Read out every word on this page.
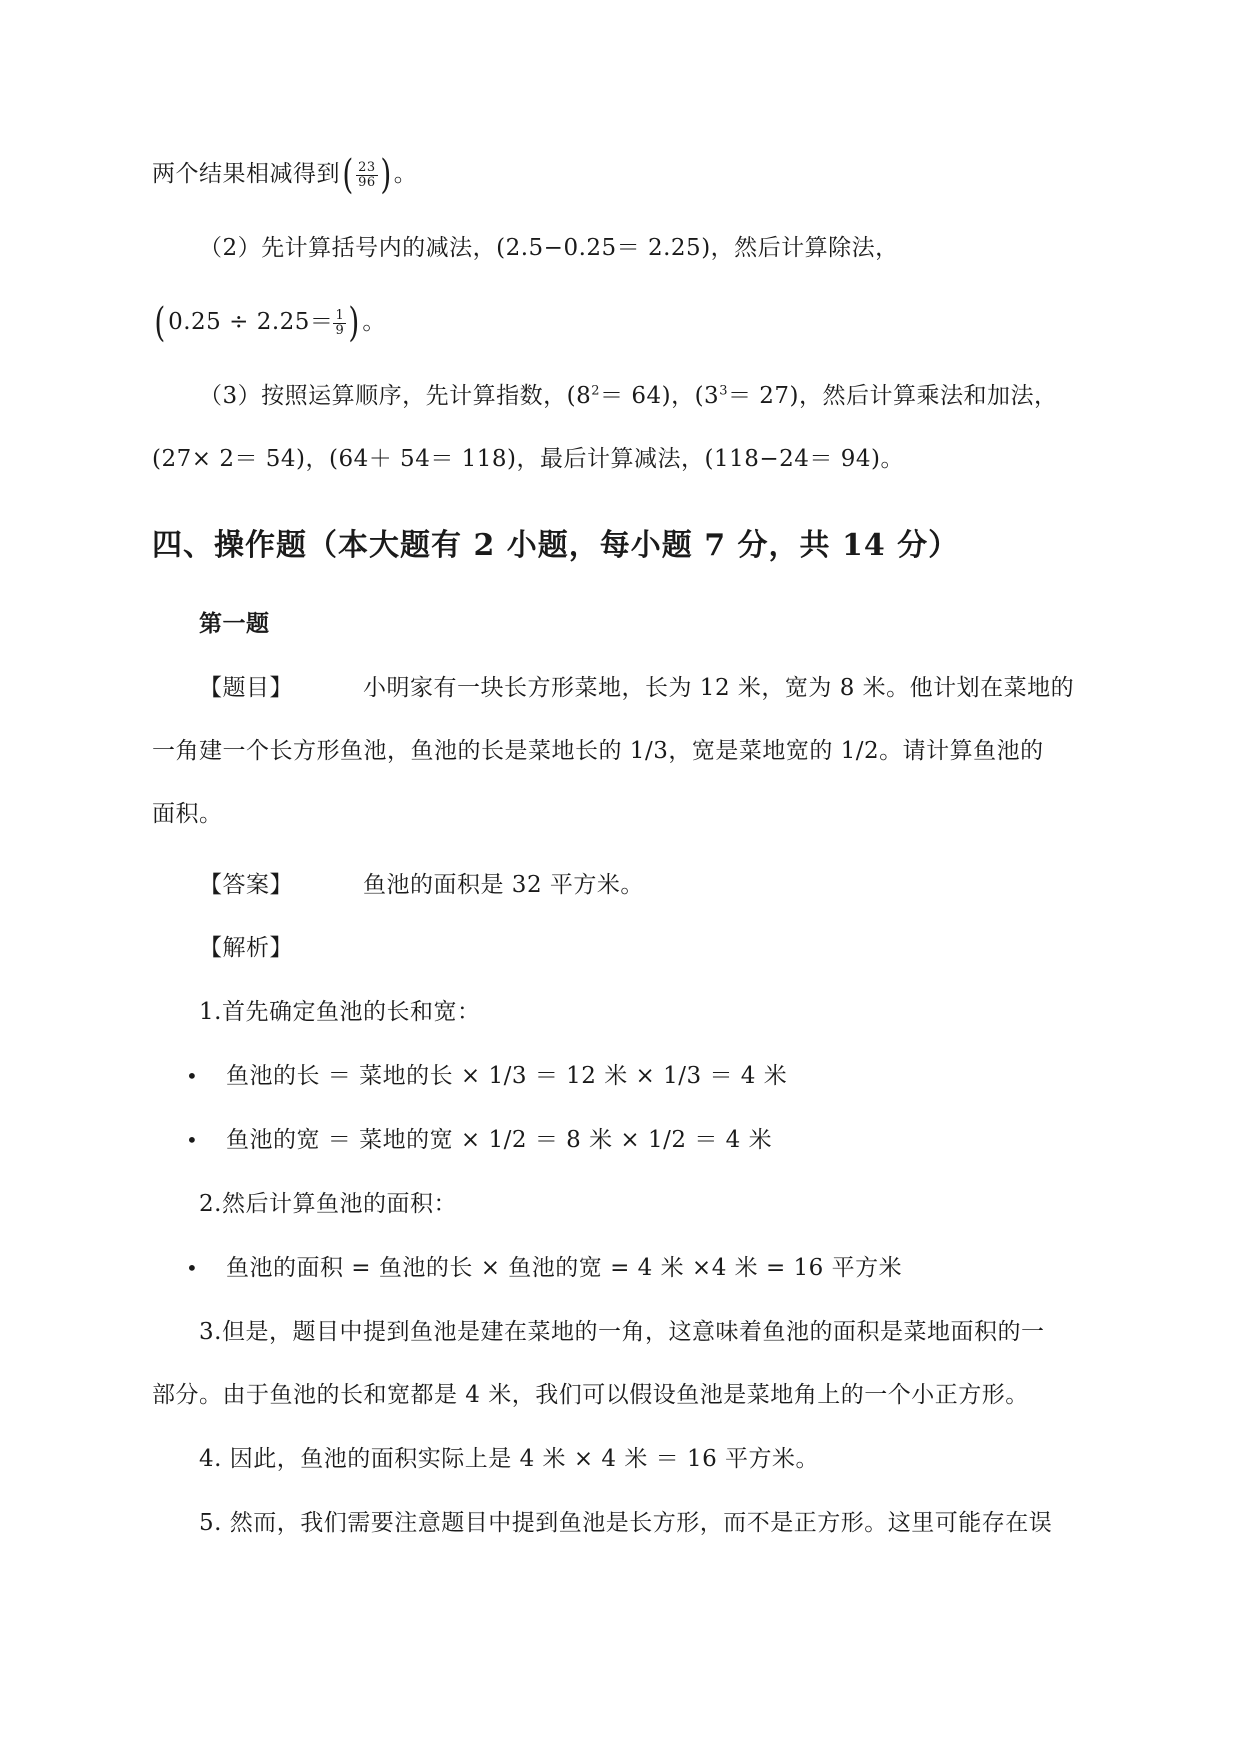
两个结果相减得到( $\frac{23}{96}$ ) 。
（2）先计算括号内的减法，(2.5−0.25＝ 2.25)，然后计算除法，
( $0.25 \div 2.25= \frac{1}{9}$ ) 。
（3）按照运算顺序，先计算指数，$(8^2= 64)$，$(3^3= 27)$，然后计算乘法和加法，
(27× 2＝ 54)，(64＋ 54＝ 118)，最后计算减法，(118−24＝ 94)。
四、操作题（本大题有 2 小题，每小题 7 分，共 14 分）
第一题
【题目】	小明家有一块长方形菜地，长为 12 米，宽为 8 米。他计划在菜地的
一角建一个长方形鱼池，鱼池的长是菜地长的 1/3，宽是菜地宽的 1/2。请计算鱼池的
面积。
【答案】	鱼池的面积是 32 平方米。
【解析】
1.首先确定鱼池的长和宽：
• 鱼池的长 ＝ 菜地的长 × 1/3 ＝ 12 米 × 1/3 ＝ 4 米
• 鱼池的宽 ＝ 菜地的宽 × 1/2 ＝ 8 米 × 1/2 ＝ 4 米
2.然后计算鱼池的面积：
• 鱼池的面积 = 鱼池的长 × 鱼池的宽 = 4 米 ×4 米 = 16 平方米
3.但是，题目中提到鱼池是建在菜地的一角，这意味着鱼池的面积是菜地面积的一
部分。由于鱼池的长和宽都是 4 米，我们可以假设鱼池是菜地角上的一个小正方形。
4. 因此，鱼池的面积实际上是 4 米 × 4 米 ＝ 16 平方米。
5. 然而，我们需要注意题目中提到鱼池是长方形，而不是正方形。这里可能存在误
